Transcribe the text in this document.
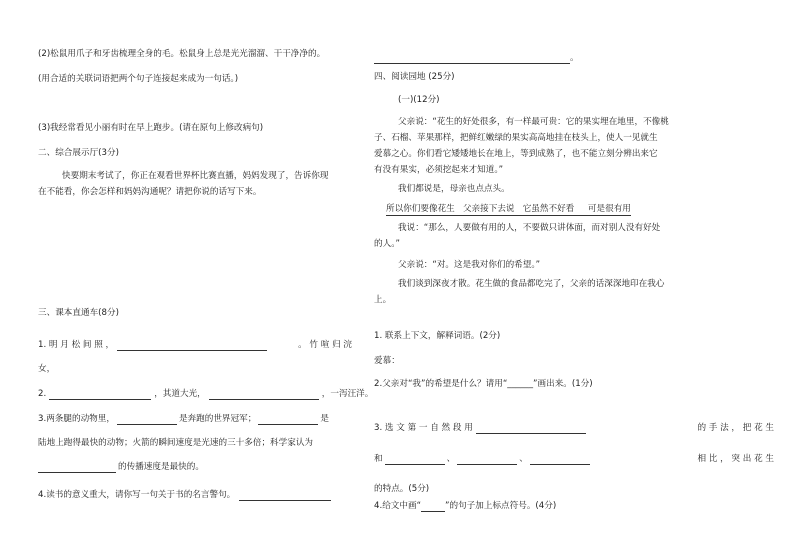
(2)松鼠用爪子和牙齿梳理全身的毛。松鼠身上总是光光溜溜、干干净净的。
(用合适的关联词语把两个句子连接起来成为一句话。)
(3)我经常看见小丽有时在早上跑步。(请在原句上修改病句)
二、综合展示厅(3分)
快要期末考试了，你正在观看世界杯比赛直播，妈妈发现了，告诉你现
在不能看，你会怎样和妈妈沟通呢？请把你说的话写下来。
三、课本直通车(8分)
1. 明 月 松 间 照 ，	。 竹 喧 归 浣
女，
2.	，其道大光，	，一泻汪洋。
3.两条腿的动物里，	是奔跑的世界冠军；	是
陆地上跑得最快的动物；火箭的瞬间速度是光速的三十多倍；科学家认为
的传播速度是最快的。
4.读书的意义重大，请你写一句关于书的名言警句。
。
四、阅读园地 (25分)
(一)(12分)
父亲说：“花生的好处很多，有一样最可贵：它的果实埋在地里，不像桃
子、石榴、苹果那样，把鲜红嫩绿的果实高高地挂在枝头上，使人一见就生
爱慕之心。你们看它矮矮地长在地上，等到成熟了，也不能立刻分辨出来它
有没有果实，必须挖起来才知道。”
我们都说是，母亲也点点头。
所以你们要像花生   父亲接下去说   它虽然不好看     可是很有用
我说：“那么，人要做有用的人，不要做只讲体面，而对别人没有好处
的人。”
父亲说：“对。这是我对你们的希望。”
我们谈到深夜才散。花生做的食品都吃完了，父亲的话深深地印在我心
上。
1. 联系上下文，解释词语。(2分)
爱慕：
2.父亲对“我”的希望是什么？请用“______”画出来。(1分)
3. 选 文 第 一 自 然 段 用	的 手 法 ， 把 花 生
和	、	、	相 比 ， 突 出 花 生
的特点。(5分)
4.给文中画“	”的句子加上标点符号。(4分)
